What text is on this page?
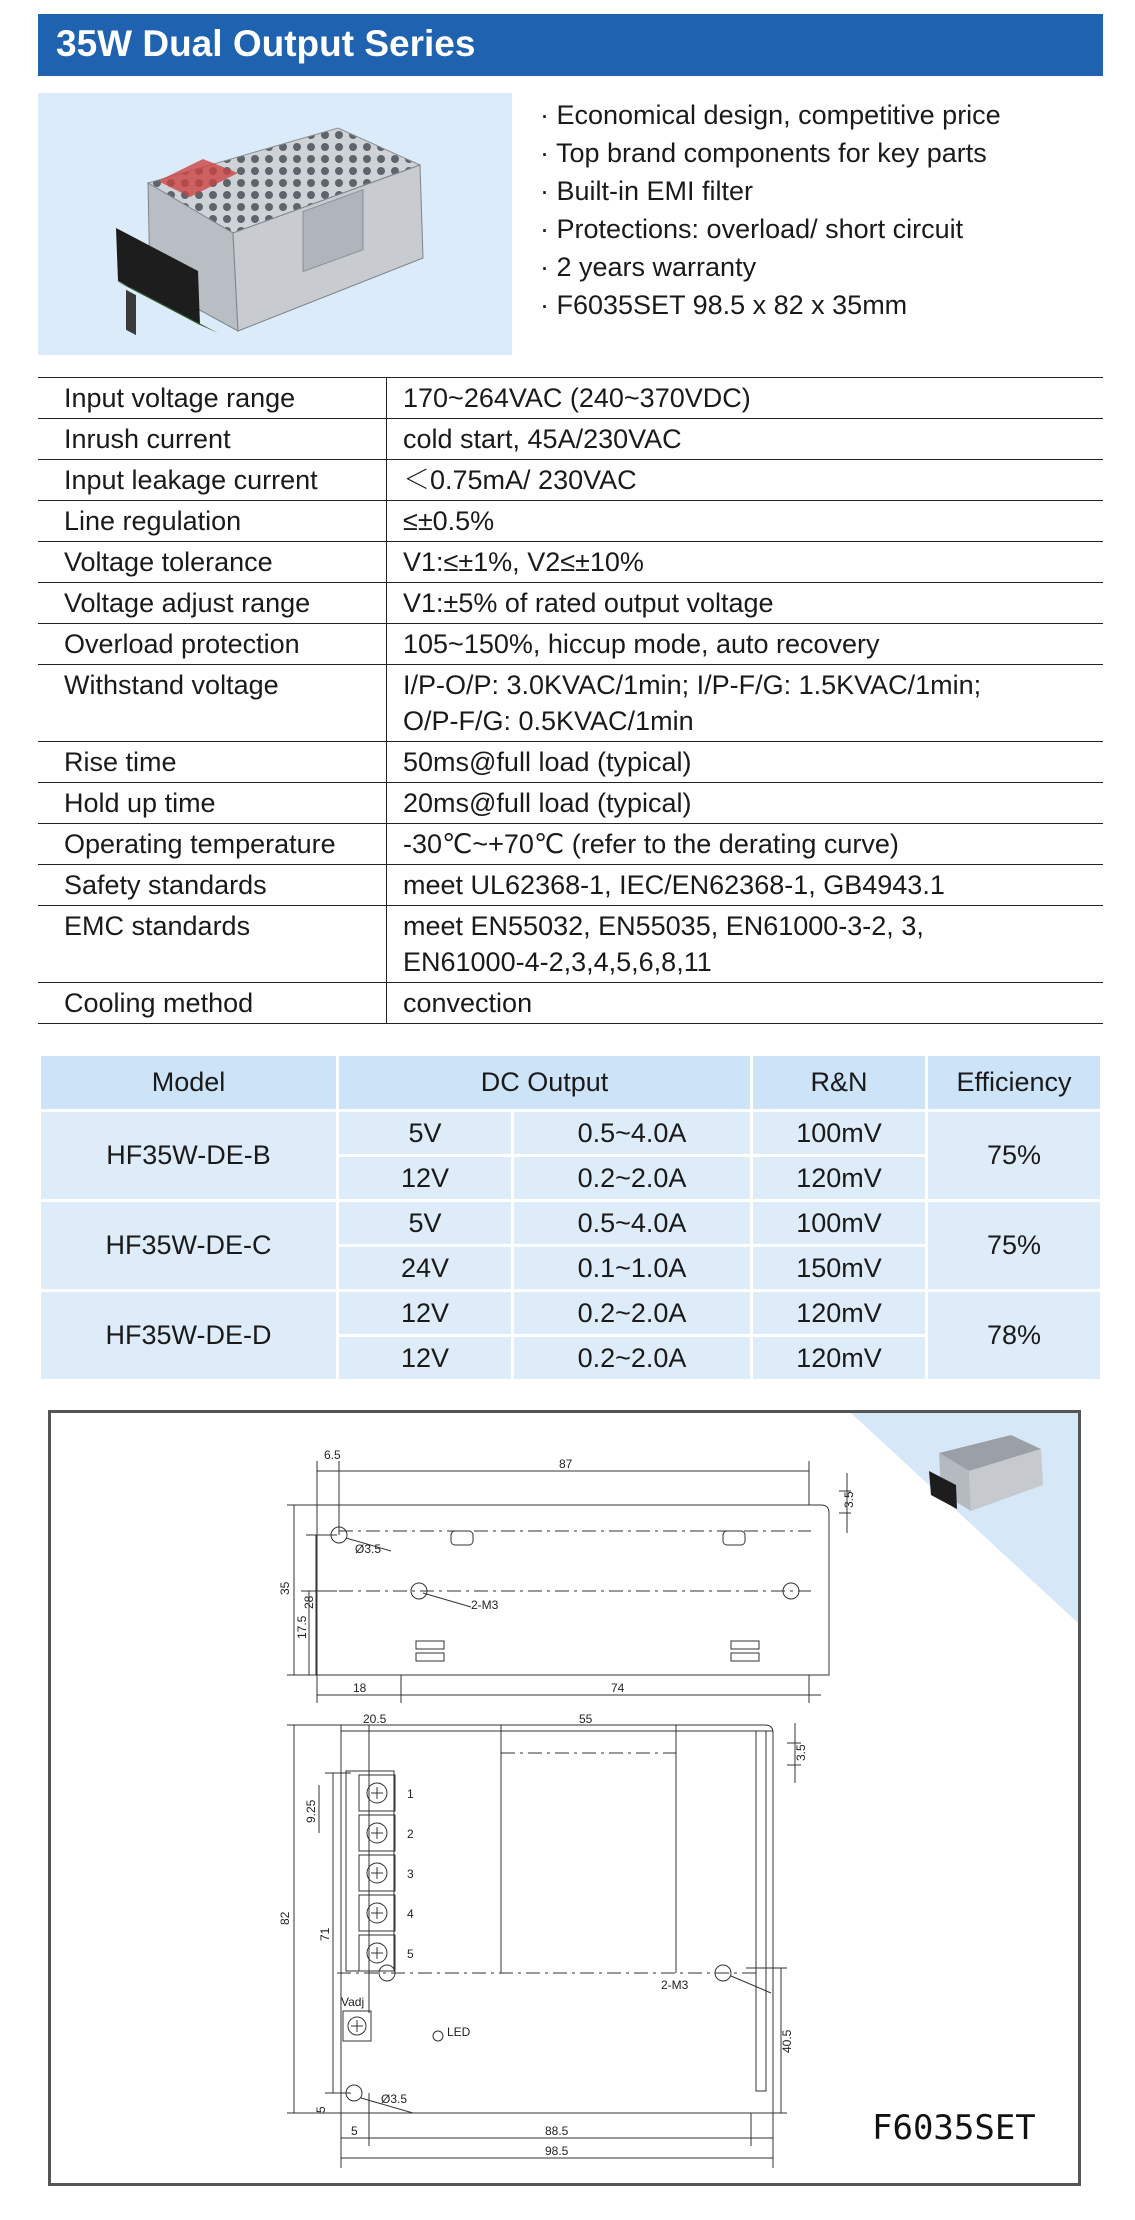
35W Dual Output Series
· Economical design, competitive price
· Top brand components for key parts
· Built-in EMI filter
· Protections: overload/ short circuit
· 2 years warranty
· F6035SET 98.5 x 82 x 35mm
Input voltage range	170~264VAC (240~370VDC)
Inrush current	cold start, 45A/230VAC
Input leakage current	＜0.75mA/ 230VAC
Line regulation	≤±0.5%
Voltage tolerance	V1:≤±1%, V2≤±10%
Voltage adjust range	V1:±5% of rated output voltage
Overload protection	105~150%, hiccup mode, auto recovery
Withstand voltage	I/P-O/P: 3.0KVAC/1min; I/P-F/G: 1.5KVAC/1min;
O/P-F/G: 0.5KVAC/1min

Rise time	50ms@full load (typical)
Hold up time	20ms@full load (typical)
Operating temperature	-30℃~+70℃ (refer to the derating curve)
Safety standards	meet UL62368-1, IEC/EN62368-1, GB4943.1
EMC standards	meet EN55032, EN55035, EN61000-3-2, 3,
EN61000-4-2,3,4,5,6,8,11

Cooling method	convection
Model	DC Output		R&N	Efficiency
HF35W-DE-B	5V	0.5~4.0A	100mV	75%
	12V	0.2~2.0A	120mV	
HF35W-DE-C	5V	0.5~4.0A	100mV	75%
	24V	0.1~1.0A	150mV	
HF35W-DE-D	12V	0.2~2.0A	120mV	78%
	12V	0.2~2.0A	120mV	
6.5
87
3.5
35
28
17.5
18	74
Ø3.5
2-M3
20.5	55
3.5
82
71
9.25
40.5
5
5	88.5
98.5
Ø3.5
2-M3
Vadj
LED
1
2
3
4
5
F6035SET
